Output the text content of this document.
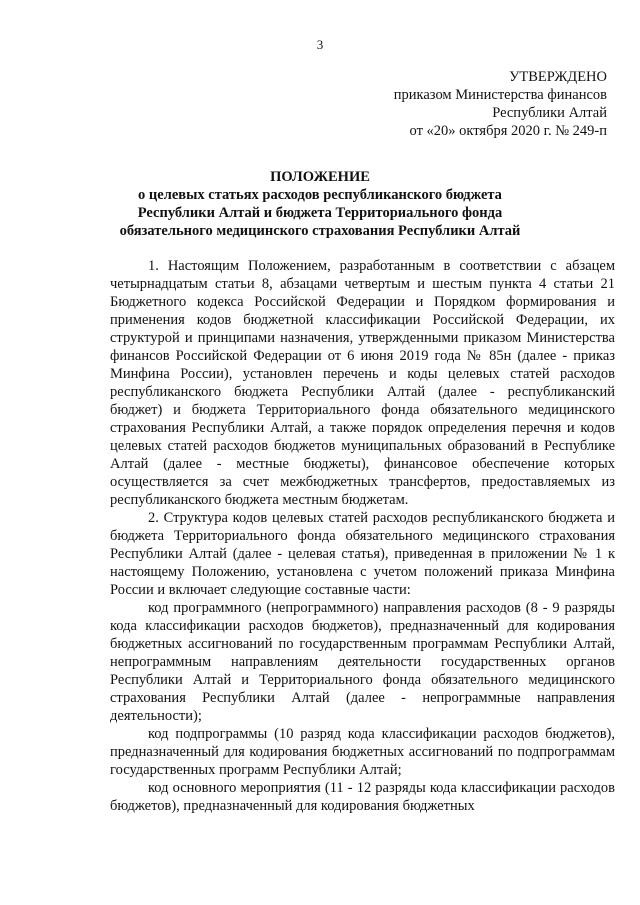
3
УТВЕРЖДЕНО
приказом Министерства финансов
Республики Алтай
от «20» октября 2020 г. № 249-п
ПОЛОЖЕНИЕ
о целевых статьях расходов республиканского бюджета Республики Алтай и бюджета Территориального фонда обязательного медицинского страхования Республики Алтай

1. Настоящим Положением, разработанным в соответствии с абзацем четырнадцатым статьи 8, абзацами четвертым и шестым пункта 4 статьи 21 Бюджетного кодекса Российской Федерации и Порядком формирования и применения кодов бюджетной классификации Российской Федерации, их структурой и принципами назначения, утвержденными приказом Министерства финансов Российской Федерации от 6 июня 2019 года № 85н (далее - приказ Минфина России), установлен перечень и коды целевых статей расходов республиканского бюджета Республики Алтай (далее - республиканский бюджет) и бюджета Территориального фонда обязательного медицинского страхования Республики Алтай, а также порядок определения перечня и кодов целевых статей расходов бюджетов муниципальных образований в Республике Алтай (далее - местные бюджеты), финансовое обеспечение которых осуществляется за счет межбюджетных трансфертов, предоставляемых из республиканского бюджета местным бюджетам.

2. Структура кодов целевых статей расходов республиканского бюджета и бюджета Территориального фонда обязательного медицинского страхования Республики Алтай (далее - целевая статья), приведенная в приложении № 1 к настоящему Положению, установлена с учетом положений приказа Минфина России и включает следующие составные части:

код программного (непрограммного) направления расходов (8 - 9 разряды кода классификации расходов бюджетов), предназначенный для кодирования бюджетных ассигнований по государственным программам Республики Алтай, непрограммным направлениям деятельности государственных органов Республики Алтай и Территориального фонда обязательного медицинского страхования Республики Алтай (далее - непрограммные направления деятельности);

код подпрограммы (10 разряд кода классификации расходов бюджетов), предназначенный для кодирования бюджетных ассигнований по подпрограммам государственных программ Республики Алтай;

код основного мероприятия (11 - 12 разряды кода классификации расходов бюджетов), предназначенный для кодирования бюджетных
